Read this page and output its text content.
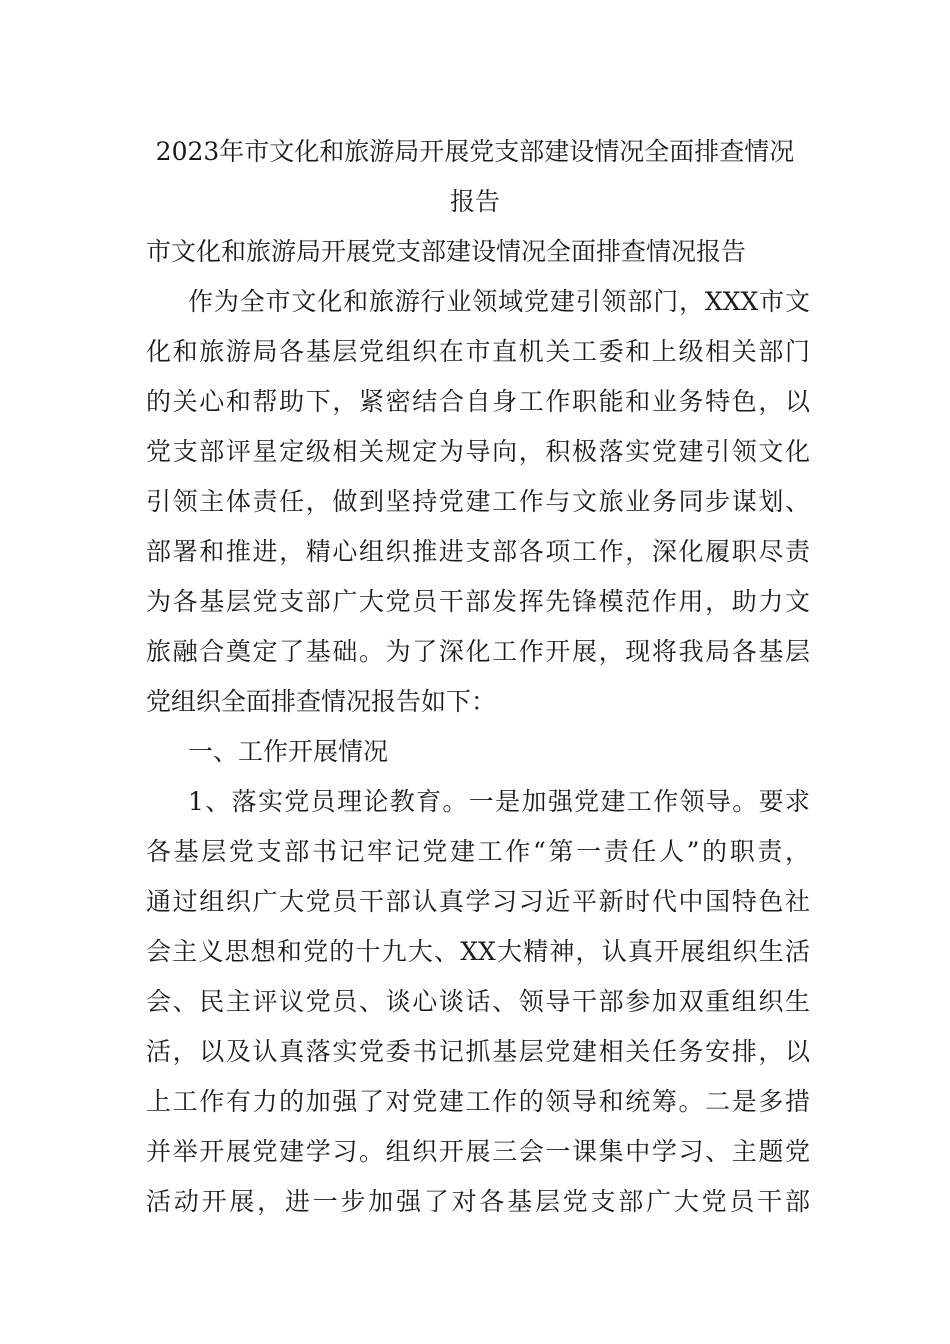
2023年市文化和旅游局开展党支部建设情况全面排查情况
报告
市文化和旅游局开展党支部建设情况全面排查情况报告
作为全市文化和旅游行业领域党建引领部门，XXX市文
化和旅游局各基层党组织在市直机关工委和上级相关部门
的关心和帮助下，紧密结合自身工作职能和业务特色，以
党支部评星定级相关规定为导向，积极落实党建引领文化
引领主体责任，做到坚持党建工作与文旅业务同步谋划、
部署和推进，精心组织推进支部各项工作，深化履职尽责
为各基层党支部广大党员干部发挥先锋模范作用，助力文
旅融合奠定了基础。为了深化工作开展，现将我局各基层
党组织全面排查情况报告如下：
一、工作开展情况
1、落实党员理论教育。一是加强党建工作领导。要求
各基层党支部书记牢记党建工作“第一责任人”的职责，
通过组织广大党员干部认真学习习近平新时代中国特色社
会主义思想和党的十九大、XX大精神，认真开展组织生活
会、民主评议党员、谈心谈话、领导干部参加双重组织生
活，以及认真落实党委书记抓基层党建相关任务安排，以
上工作有力的加强了对党建工作的领导和统筹。二是多措
并举开展党建学习。组织开展三会一课集中学习、主题党
活动开展，进一步加强了对各基层党支部广大党员干部
